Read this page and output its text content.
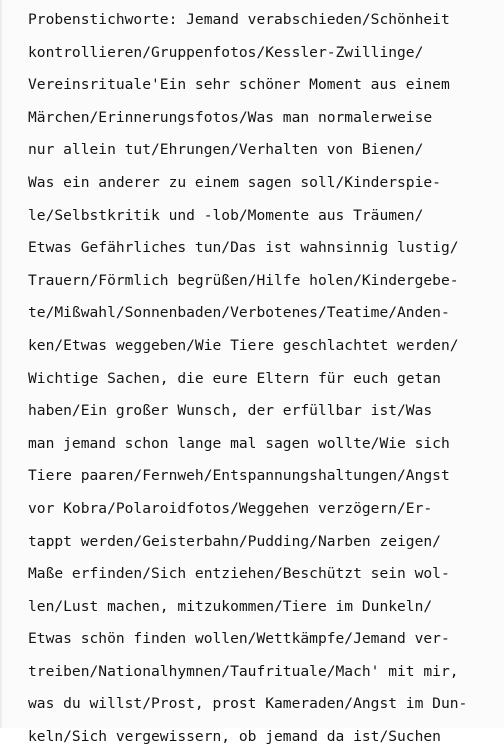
Probenstichworte: Jemand verabschieden/Schönheit
kontrollieren/Gruppenfotos/Kessler-Zwillinge/
Vereinsrituale'Ein sehr schöner Moment aus einem
Märchen/Erinnerungsfotos/Was man normalerweise
nur allein tut/Ehrungen/Verhalten von Bienen/
Was ein anderer zu einem sagen soll/Kinderspie-
le/Selbstkritik und -lob/Momente aus Träumen/
Etwas Gefährliches tun/Das ist wahnsinnig lustig/
Trauern/Förmlich begrüßen/Hilfe holen/Kindergebe-
te/Mißwahl/Sonnenbaden/Verbotenes/Teatime/Anden-
ken/Etwas weggeben/Wie Tiere geschlachtet werden/
Wichtige Sachen, die eure Eltern für euch getan
haben/Ein großer Wunsch, der erfüllbar ist/Was
man jemand schon lange mal sagen wollte/Wie sich
Tiere paaren/Fernweh/Entspannungshaltungen/Angst
vor Kobra/Polaroidfotos/Weggehen verzögern/Er-
tappt werden/Geisterbahn/Pudding/Narben zeigen/
Maße erfinden/Sich entziehen/Beschützt sein wol-
len/Lust machen, mitzukommen/Tiere im Dunkeln/
Etwas schön finden wollen/Wettkämpfe/Jemand ver-
treiben/Nationalhymnen/Taufrituale/Mach' mit mir,
was du willst/Prost, prost Kameraden/Angst im Dun-
keln/Sich vergewissern, ob jemand da ist/Suchen
